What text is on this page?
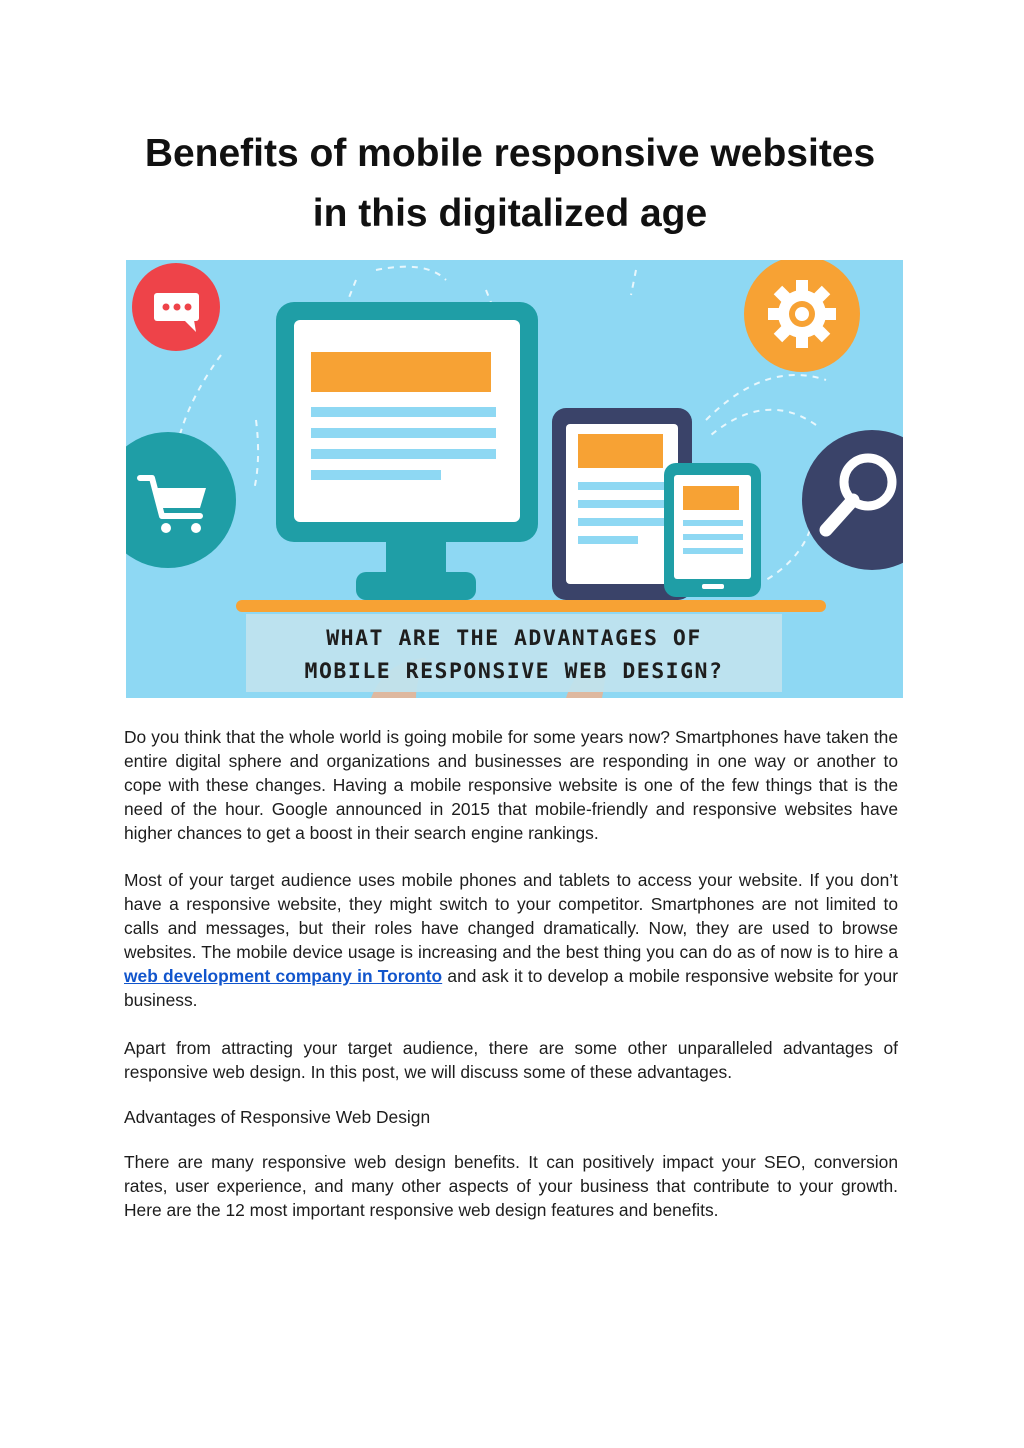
Benefits of mobile responsive websites
in this digitalized age
WHAT ARE THE ADVANTAGES OF
MOBILE RESPONSIVE WEB DESIGN?

Do you think that the whole world is going mobile for some years now? Smartphones have taken the entire digital sphere and organizations and businesses are responding in one way or another to cope with these changes. Having a mobile responsive website is one of the few things that is the need of the hour. Google announced in 2015 that mobile-friendly and responsive websites have higher chances to get a boost in their search engine rankings.

Most of your target audience uses mobile phones and tablets to access your website. If you don’t have a responsive website, they might switch to your competitor. Smartphones are not limited to calls and messages, but their roles have changed dramatically. Now, they are used to browse websites. The mobile device usage is increasing and the best thing you can do as of now is to hire a web development company in Toronto and ask it to develop a mobile responsive website for your business.

Apart from attracting your target audience, there are some other unparalleled advantages of responsive web design. In this post, we will discuss some of these advantages.

Advantages of Responsive Web Design

There are many responsive web design benefits. It can positively impact your SEO, conversion rates, user experience, and many other aspects of your business that contribute to your growth. Here are the 12 most important responsive web design features and benefits.
